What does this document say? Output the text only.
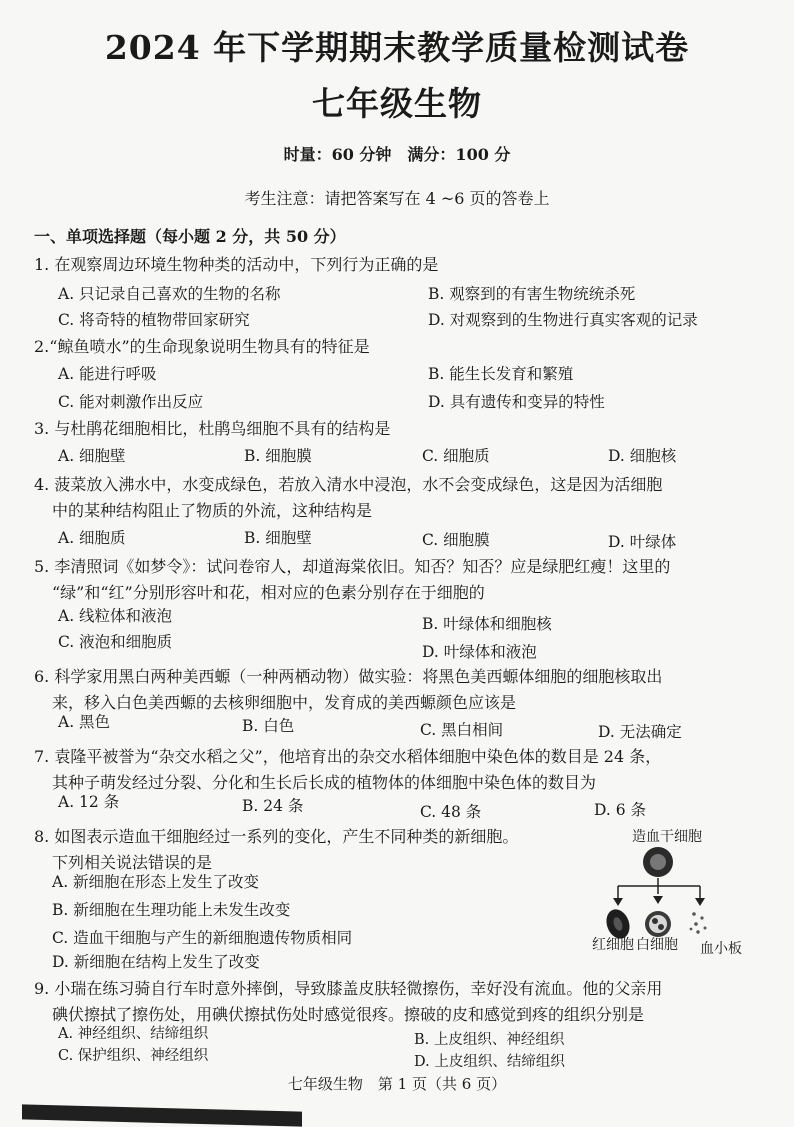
2024 年下学期期末教学质量检测试卷
七年级生物
时量：60 分钟　满分：100 分
考生注意：请把答案写在 4 ~6 页的答卷上
一、单项选择题（每小题 2 分，共 50 分）
1. 在观察周边环境生物种类的活动中，下列行为正确的是
A. 只记录自己喜欢的生物的名称	B. 观察到的有害生物统统杀死
C. 将奇特的植物带回家研究	D. 对观察到的生物进行真实客观的记录
2.“鲸鱼喷水”的生命现象说明生物具有的特征是
A. 能进行呼吸	B. 能生长发育和繁殖
C. 能对刺激作出反应	D. 具有遗传和变异的特性
3. 与杜鹃花细胞相比，杜鹃鸟细胞不具有的结构是
A. 细胞壁	B. 细胞膜	C. 细胞质	D. 细胞核
4. 菠菜放入沸水中，水变成绿色，若放入清水中浸泡，水不会变成绿色，这是因为活细胞
中的某种结构阻止了物质的外流，这种结构是
A. 细胞质	B. 细胞壁	C. 细胞膜	D. 叶绿体
5. 李清照词《如梦令》：试问卷帘人，却道海棠依旧。知否？知否？应是绿肥红瘦！这里的
“绿”和“红”分别形容叶和花，相对应的色素分别存在于细胞的
A. 线粒体和液泡	B. 叶绿体和细胞核
C. 液泡和细胞质
D. 叶绿体和液泡
6. 科学家用黑白两种美西螈（一种两栖动物）做实验：将黑色美西螈体细胞的细胞核取出
来，移入白色美西螈的去核卵细胞中，发育成的美西螈颜色应该是
A. 黑色	B. 白色	C. 黑白相间	D. 无法确定
7. 袁隆平被誉为“杂交水稻之父”，他培育出的杂交水稻体细胞中染色体的数目是 24 条，
其种子萌发经过分裂、分化和生长后长成的植物体的体细胞中染色体的数目为
A. 12 条	B. 24 条	C. 48 条	D. 6 条
8. 如图表示造血干细胞经过一系列的变化，产生不同种类的新细胞。
下列相关说法错误的是
A. 新细胞在形态上发生了改变
B. 新细胞在生理功能上未发生改变
C. 造血干细胞与产生的新细胞遗传物质相同
D. 新细胞在结构上发生了改变
造血干细胞
红细胞 白细胞 血小板
9. 小瑞在练习骑自行车时意外摔倒，导致膝盖皮肤轻微擦伤，幸好没有流血。他的父亲用
碘伏擦拭了擦伤处，用碘伏擦拭伤处时感觉很疼。擦破的皮和感觉到疼的组织分别是
A. 神经组织、结缔组织	B. 上皮组织、神经组织
C. 保护组织、神经组织	D. 上皮组织、结缔组织
七年级生物　第 1 页（共 6 页）
